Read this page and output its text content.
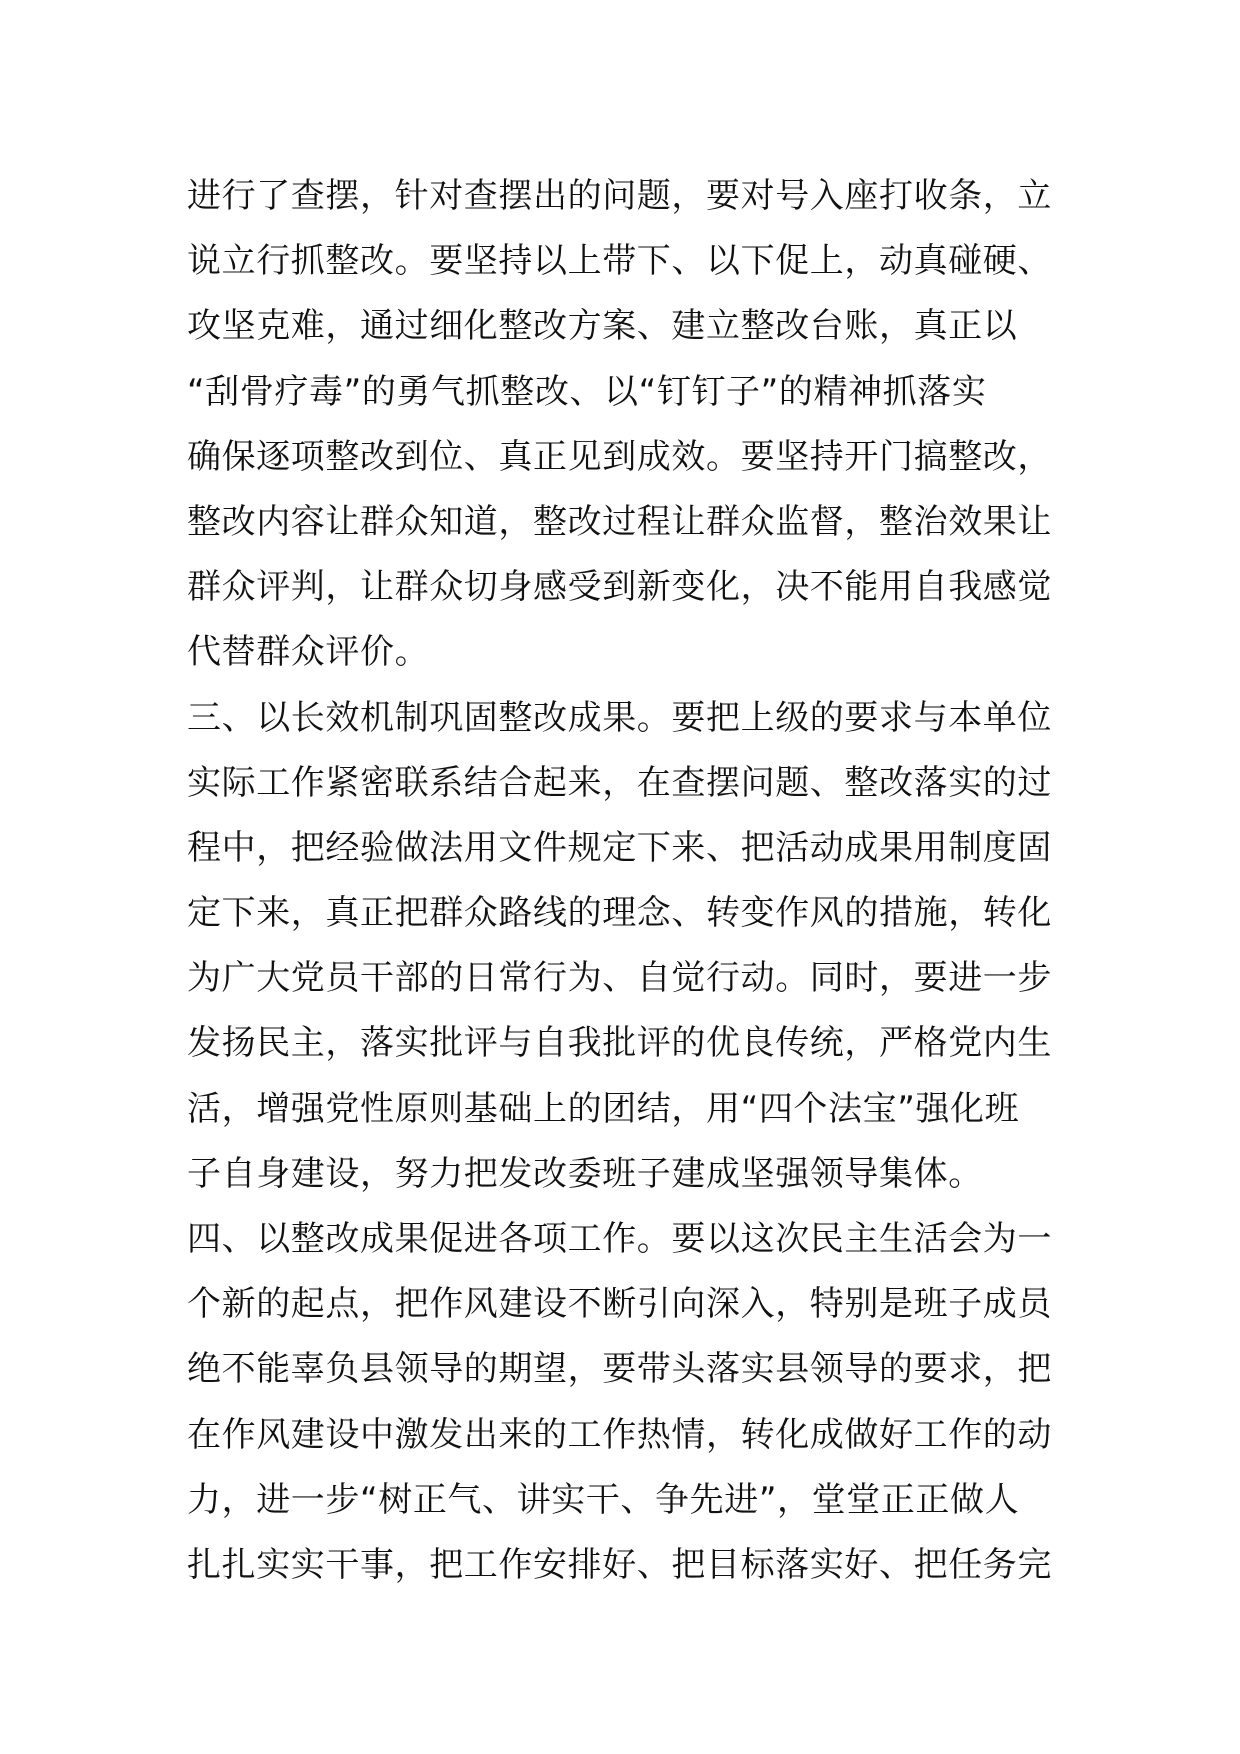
进行了查摆，针对查摆出的问题，要对号入座打收条，立
说立行抓整改。要坚持以上带下、以下促上，动真碰硬、
攻坚克难，通过细化整改方案、建立整改台账，真正以
“刮骨疗毒”的勇气抓整改、以“钉钉子”的精神抓落实
确保逐项整改到位、真正见到成效。要坚持开门搞整改，
整改内容让群众知道，整改过程让群众监督，整治效果让
群众评判，让群众切身感受到新变化，决不能用自我感觉
代替群众评价。
三、以长效机制巩固整改成果。要把上级的要求与本单位
实际工作紧密联系结合起来，在查摆问题、整改落实的过
程中，把经验做法用文件规定下来、把活动成果用制度固
定下来，真正把群众路线的理念、转变作风的措施，转化
为广大党员干部的日常行为、自觉行动。同时，要进一步
发扬民主，落实批评与自我批评的优良传统，严格党内生
活，增强党性原则基础上的团结，用“四个法宝”强化班
子自身建设，努力把发改委班子建成坚强领导集体。
四、以整改成果促进各项工作。要以这次民主生活会为一
个新的起点，把作风建设不断引向深入，特别是班子成员
绝不能辜负县领导的期望，要带头落实县领导的要求，把
在作风建设中激发出来的工作热情，转化成做好工作的动
力，进一步“树正气、讲实干、争先进”，堂堂正正做人
扎扎实实干事，把工作安排好、把目标落实好、把任务完
